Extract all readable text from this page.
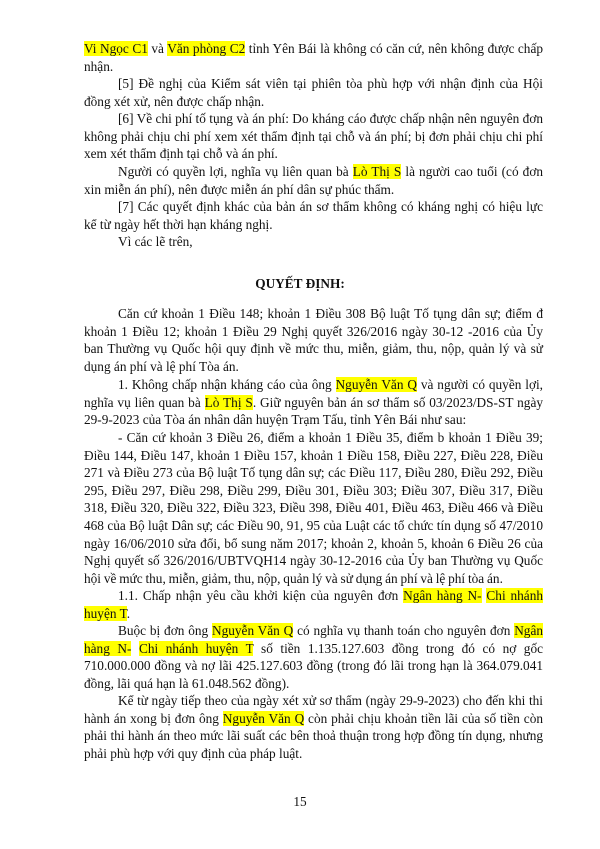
Vi Ngọc C1 và Văn phòng C2 tỉnh Yên Bái là không có căn cứ, nên không được chấp nhận.

[5] Đề nghị của Kiểm sát viên tại phiên tòa phù hợp với nhận định của Hội đồng xét xử, nên được chấp nhận.

[6] Về chi phí tố tụng và án phí: Do kháng cáo được chấp nhận nên nguyên đơn không phải chịu chi phí xem xét thẩm định tại chỗ và án phí; bị đơn phải chịu chi phí xem xét thẩm định tại chỗ và án phí.

Người có quyền lợi, nghĩa vụ liên quan bà Lò Thị S là người cao tuổi (có đơn xin miễn án phí), nên được miễn án phí dân sự phúc thẩm.

[7] Các quyết định khác của bản án sơ thẩm không có kháng nghị có hiệu lực kể từ ngày hết thời hạn kháng nghị.

Vì các lẽ trên,

QUYẾT ĐỊNH:

Căn cứ khoản 1 Điều 148; khoản 1 Điều 308 Bộ luật Tố tụng dân sự; điểm đ khoản 1 Điều 12; khoản 1 Điều 29 Nghị quyết 326/2016 ngày 30-12 -2016 của Ủy ban Thường vụ Quốc hội quy định về mức thu, miễn, giảm, thu, nộp, quản lý và sử dụng án phí và lệ phí Tòa án.

1. Không chấp nhận kháng cáo của ông Nguyễn Văn Q và người có quyền lợi, nghĩa vụ liên quan bà Lò Thị S. Giữ nguyên bản án sơ thẩm số 03/2023/DS-ST ngày 29-9-2023 của Tòa án nhân dân huyện Trạm Tấu, tỉnh Yên Bái như sau:

- Căn cứ khoản 3 Điều 26, điểm a khoản 1 Điều 35, điểm b khoản 1 Điều 39; Điều 144, Điều 147, khoản 1 Điều 157, khoản 1 Điều 158, Điều 227, Điều 228, Điều 271 và Điều 273 của Bộ luật Tố tụng dân sự; các Điều 117, Điều 280, Điều 292, Điều 295, Điều 297, Điều 298, Điều 299, Điều 301, Điều 303; Điều 307, Điều 317, Điều 318, Điều 320, Điều 322, Điều 323, Điều 398, Điều 401, Điều 463, Điều 466 và Điều 468 của Bộ luật Dân sự; các Điều 90, 91, 95 của Luật các tổ chức tín dụng số 47/2010 ngày 16/06/2010 sửa đổi, bổ sung năm 2017; khoản 2, khoản 5, khoản 6 Điều 26 của Nghị quyết số 326/2016/UBTVQH14 ngày 30-12-2016 của Ủy ban Thường vụ Quốc hội về mức thu, miễn, giảm, thu, nộp, quản lý và sử dụng án phí và lệ phí tòa án.

1.1. Chấp nhận yêu cầu khởi kiện của nguyên đơn Ngân hàng N- Chi nhánh huyện T.

Buộc bị đơn ông Nguyễn Văn Q có nghĩa vụ thanh toán cho nguyên đơn Ngân hàng N- Chi nhánh huyện T số tiền 1.135.127.603 đồng trong đó có nợ gốc 710.000.000 đồng và nợ lãi 425.127.603 đồng (trong đó lãi trong hạn là 364.079.041 đồng, lãi quá hạn là 61.048.562 đồng).

Kể từ ngày tiếp theo của ngày xét xử sơ thẩm (ngày 29-9-2023) cho đến khi thi hành án xong bị đơn ông Nguyễn Văn Q còn phải chịu khoản tiền lãi của số tiền còn phải thi hành án theo mức lãi suất các bên thoả thuận trong hợp đồng tín dụng, nhưng phải phù hợp với quy định của pháp luật.

15
